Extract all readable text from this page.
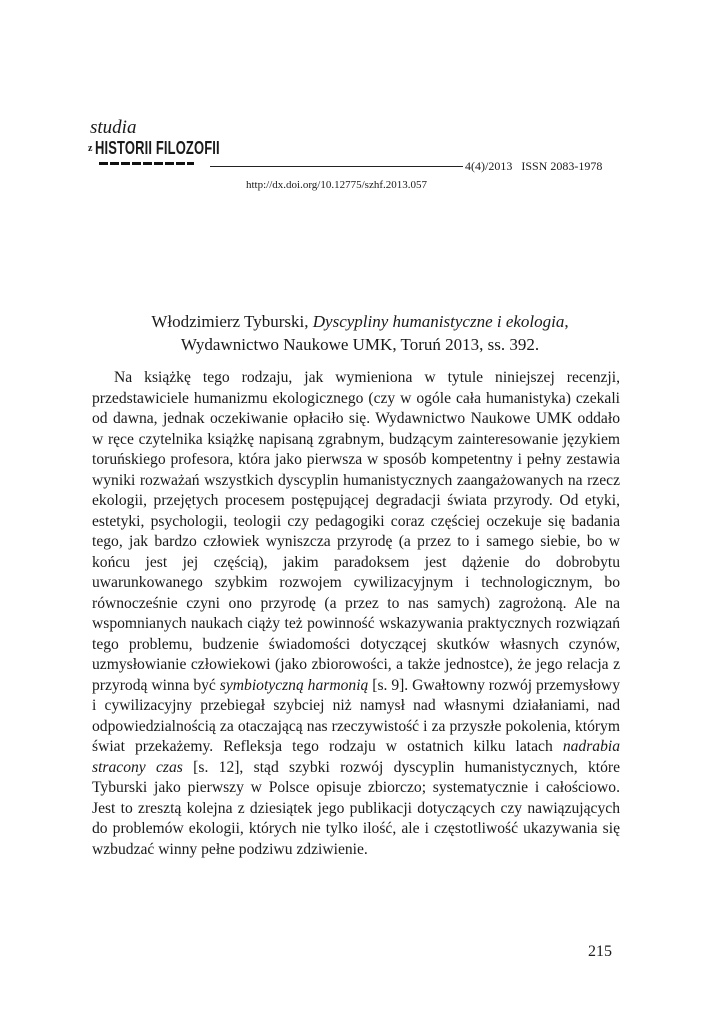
studia
z HISTORII FILOZOFII
4(4)/2013   ISSN 2083-1978
http://dx.doi.org/10.12775/szhf.2013.057
Włodzimierz Tyburski, Dyscypliny humanistyczne i ekologia,
Wydawnictwo Naukowe UMK, Toruń 2013, ss. 392.

Na książkę tego rodzaju, jak wymieniona w tytule niniejszej recenzji, przedstawiciele humanizmu ekologicznego (czy w ogóle cała humanistyka) czekali od dawna, jednak oczekiwanie opłaciło się. Wydawnictwo Naukowe UMK oddało w ręce czytelnika książkę napisaną zgrabnym, budzącym zainteresowanie językiem toruńskiego profesora, która jako pierwsza w sposób kompetentny i pełny zestawia wyniki rozważań wszystkich dyscyplin humanistycznych zaangażowanych na rzecz ekologii, przejętych procesem postępującej degradacji świata przyrody. Od etyki, estetyki, psychologii, teologii czy pedagogiki coraz częściej oczekuje się badania tego, jak bardzo człowiek wyniszcza przyrodę (a przez to i samego siebie, bo w końcu jest jej częścią), jakim paradoksem jest dążenie do dobrobytu uwarunkowanego szybkim rozwojem cywilizacyjnym i technologicznym, bo równocześnie czyni ono przyrodę (a przez to nas samych) zagrożoną. Ale na wspomnianych naukach ciąży też powinność wskazywania praktycznych rozwiązań tego problemu, budzenie świadomości dotyczącej skutków własnych czynów, uzmysłowianie człowiekowi (jako zbiorowości, a także jednostce), że jego relacja z przyrodą winna być symbiotyczną harmonią [s. 9]. Gwałtowny rozwój przemysłowy i cywilizacyjny przebiegał szybciej niż namysł nad własnymi działaniami, nad odpowiedzialnością za otaczającą nas rzeczywistość i za przyszłe pokolenia, którym świat przekażemy. Refleksja tego rodzaju w ostatnich kilku latach nadrabia stracony czas [s. 12], stąd szybki rozwój dyscyplin humanistycznych, które Tyburski jako pierwszy w Polsce opisuje zbiorczo; systematycznie i całościowo. Jest to zresztą kolejna z dziesiątek jego publikacji dotyczących czy nawiązujących do problemów ekologii, których nie tylko ilość, ale i częstotliwość ukazywania się wzbudzać winny pełne podziwu zdziwienie.

215
